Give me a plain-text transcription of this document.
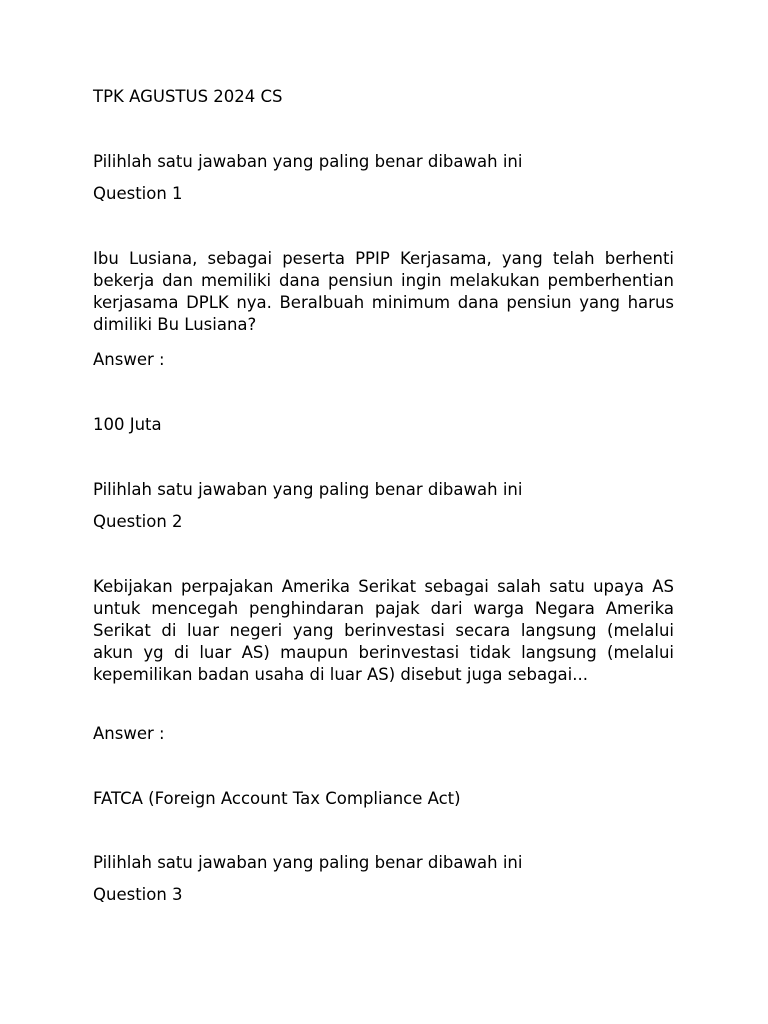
TPK AGUSTUS 2024 CS
Pilihlah satu jawaban yang paling benar dibawah ini
Question 1
Ibu Lusiana, sebagai peserta PPIP Kerjasama, yang telah berhenti bekerja dan memiliki dana pensiun ingin melakukan pemberhentian kerjasama DPLK nya. BeraIbuah minimum dana pensiun yang harus dimiliki Bu Lusiana?
Answer :
100 Juta
Pilihlah satu jawaban yang paling benar dibawah ini
Question 2
Kebijakan perpajakan Amerika Serikat sebagai salah satu upaya AS untuk mencegah penghindaran pajak dari warga Negara Amerika Serikat di luar negeri yang berinvestasi secara langsung (melalui akun yg di luar AS) maupun berinvestasi tidak langsung (melalui kepemilikan badan usaha di luar AS) disebut juga sebagai...
Answer :
FATCA (Foreign Account Tax Compliance Act)
Pilihlah satu jawaban yang paling benar dibawah ini
Question 3
